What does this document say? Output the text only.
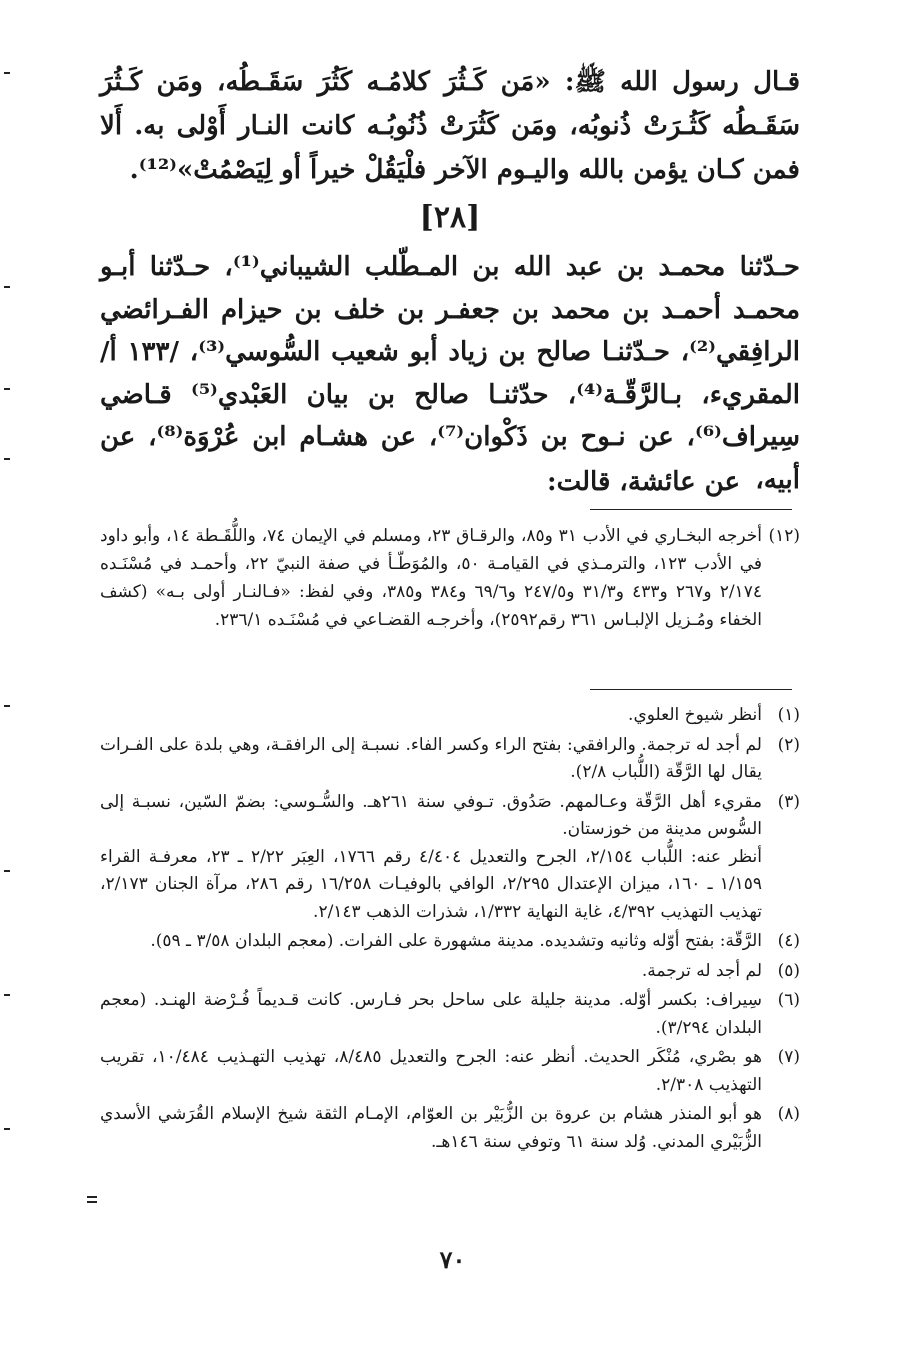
قـال رسول الله ﷺ: «مَن كَـثُرَ كلامُـه كَثُرَ سَقَـطُه، ومَن كَـثُرَ سَقَـطُه كَثُـرَتْ ذُنوبُه، ومَن كَثُرَتْ ذُنُوبُـه كانت النـار أَوْلى به. أَلا فمن كـان يؤمن بالله واليـوم الآخر فلْيَقُلْ خيراً أو لِيَصْمُتْ»⁽¹²⁾.

[٢٨]

حـدّثنا محمـد بن عبد الله بن المـطّلب الشيباني⁽¹⁾، حـدّثنا أبـو محمـد أحمـد بن محمد بن جعفـر بن خلف بن حيزام الفـرائضي الرافِقي⁽²⁾، حـدّثنـا صالح بن زياد أبو شعيب السُّوسي⁽³⁾، /١٣٣ أ/ المقريء، بـالرَّقّـة⁽⁴⁾، حدّثنـا صالح بن بيان العَبْدي⁽⁵⁾ قـاضي سِيراف⁽⁶⁾، عن نـوح بن ذَكْوان⁽⁷⁾، عن هشـام ابن عُرْوَة⁽⁸⁾، عن أبيه،

عن عائشة، قالت:
(١٢)

أخرجه البخـاري في الأدب ٣١ و٨٥، والرقـاق ٢٣، ومسلم في الإيمان ٧٤، واللُّقَـطة ١٤، وأبو داود في الأدب ١٢٣، والترمـذي في القيامـة ٥٠، والمُوَطّـأ في صفة النبيّ ٢٢، وأحمـد في مُسْنَـده ٢/١٧٤ و٢٦٧ و٤٣٣ و٣١/٣ و٢٤٧/٥ و٦٩/٦ و٣٨٤ و٣٨٥، وفي لفظ: «فـالنـار أولى بـه» (كشف الخفاء ومُـزيل الإلبـاس ٣٦١ رقم٢٥٩٢)، وأخرجـه القضـاعي في مُسْنَـده ٢٣٦/١.

(١)

أنظر شيوخ العلوي.

(٢)

لم أجد له ترجمة. والرافقي: بفتح الراء وكسر الفاء. نسبـة إلى الرافقـة، وهي بلدة على الفـرات يقال لها الرَّقّة (اللُّباب ٢/٨).

(٣)

مقريء أهل الرَّقّة وعـالمهم. صَدُوق. تـوفي سنة ٢٦١هـ. والسُّـوسي: بضمّ السّين، نسبـة إلى السُّوس مدينة من خوزستان.

أنظر عنه: اللُّباب ٢/١٥٤، الجرح والتعديل ٤/٤٠٤ رقم ١٧٦٦، العِبَر ٢/٢٢ ـ ٢٣، معرفـة القراء ١/١٥٩ ـ ١٦٠، ميزان الإعتدال ٢/٢٩٥، الوافي بالوفيـات ١٦/٢٥٨ رقم ٢٨٦، مرآة الجنان ٢/١٧٣، تهذيب التهذيب ٤/٣٩٢، غاية النهاية ١/٣٣٢، شذرات الذهب ٢/١٤٣.

(٤)

الرَّقّة: بفتح أوّله وثانيه وتشديده. مدينة مشهورة على الفرات. (معجم البلدان ٣/٥٨ ـ ٥٩).

(٥)

لم أجد له ترجمة.

(٦)

سِيراف: بكسر أوّله. مدينة جليلة على ساحل بحر فـارس. كانت قـديماً فُـرْضة الهنـد. (معجم البلدان ٣/٢٩٤).

(٧)

هو بصْري، مُنْكَر الحديث. أنظر عنه: الجرح والتعديل ٨/٤٨٥، تهذيب التهـذيب ١٠/٤٨٤، تقريب التهذيب ٢/٣٠٨.

(٨)

هو أبو المنذر هشام بن عروة بن الزُّبَيْر بن العوّام، الإمـام الثقة شيخ الإسلام القُرَشي الأسدي الزُّبَيْري المدني. وُلد سنة ٦١ وتوفي سنة ١٤٦هـ.

٧٠
